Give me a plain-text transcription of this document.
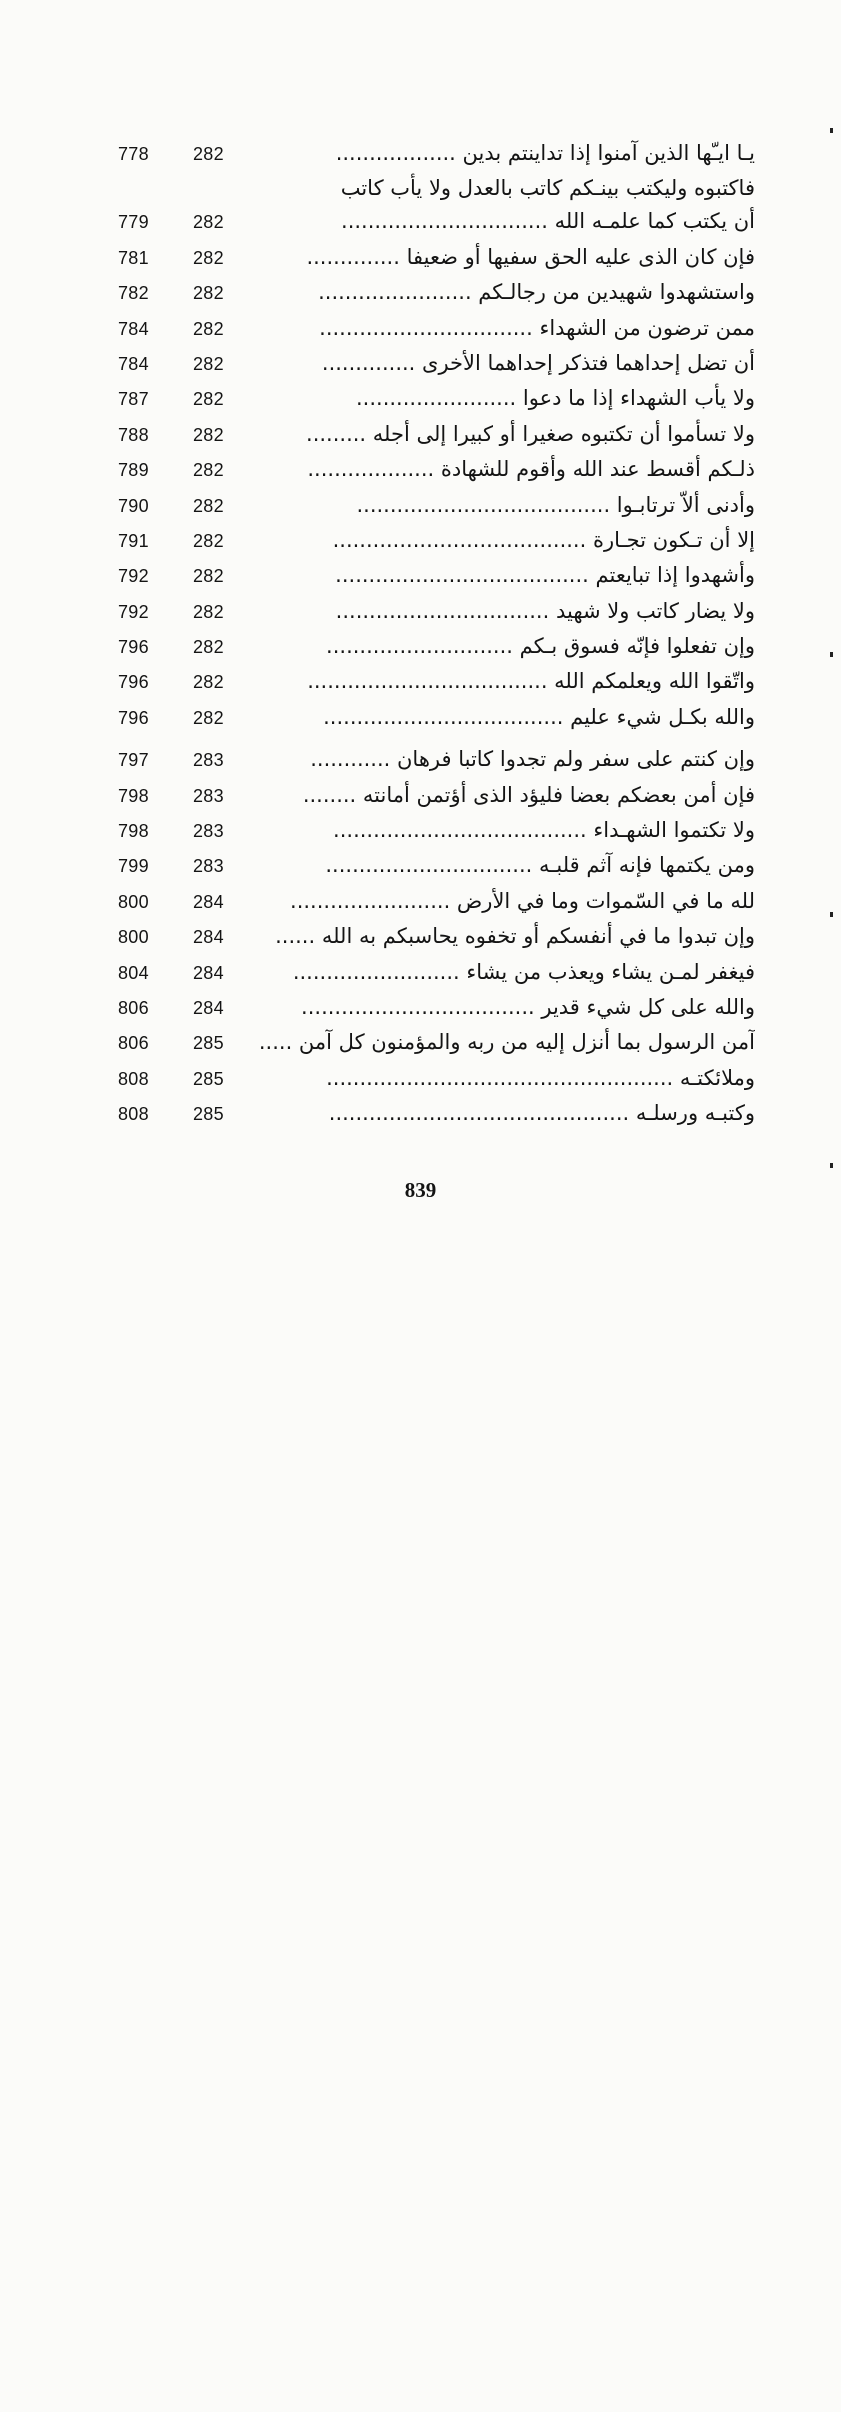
778 282	يـا ايـّها الذين آمنوا إذا تداينتم بدين ..................
فاكتبوه وليكتب بينـكم كاتب بالعدل ولا يأب كاتب
779 282	أن يكتب كما علمـه الله ...............................
781 282	فإن كان الذى عليه الحق سفيها أو ضعيفا ..............
782 282	واستشهدوا شهيدين من رجالـكم .......................
784 282	ممن ترضون من الشهداء ................................
784 282	أن تضل إحداهما فتذكر إحداهما الأخرى ..............
787 282	ولا يأب الشهداء إذا ما دعوا ........................
788 282	ولا تسأموا أن تكتبوه صغيرا أو كبيرا إلى أجله .........
789 282	ذلـكم أقسط عند الله وأقوم للشهادة ...................
790 282	وأدنى ألاّ ترتابـوا ......................................
791 282	إلا أن تـكون تجـارة ......................................
792 282	وأشهدوا إذا تبايعتم ......................................
792 282	ولا يضار كاتب ولا شهيد ................................
796 282	وإن تفعلوا فإنّه فسوق بـكم ............................
796 282	واتّقوا الله ويعلمكم الله ....................................
796 282	والله بكـل شيء عليم ....................................
797 283	وإن كنتم على سفر ولم تجدوا كاتبا فرهان ............
798 283	فإن أمن بعضكم بعضا فليؤد الذى أؤتمن أمانته ........
798 283	ولا تكتموا الشهـداء ......................................
799 283	ومن يكتمها فإنه آثم قلبـه ...............................
800 284	لله ما في السّموات وما في الأرض ........................
800 284	وإن تبدوا ما في أنفسكم أو تخفوه يحاسبكم به الله ......
804 284	فيغفر لمـن يشاء ويعذب من يشاء .........................
806 284	والله على كل شيء قدير ...................................
806 285	آمن الرسول بما أنزل إليه من ربه والمؤمنون كل آمن .....
808 285	وملائكتـه ....................................................
808 285	وكتبـه ورسلـه .............................................
839
